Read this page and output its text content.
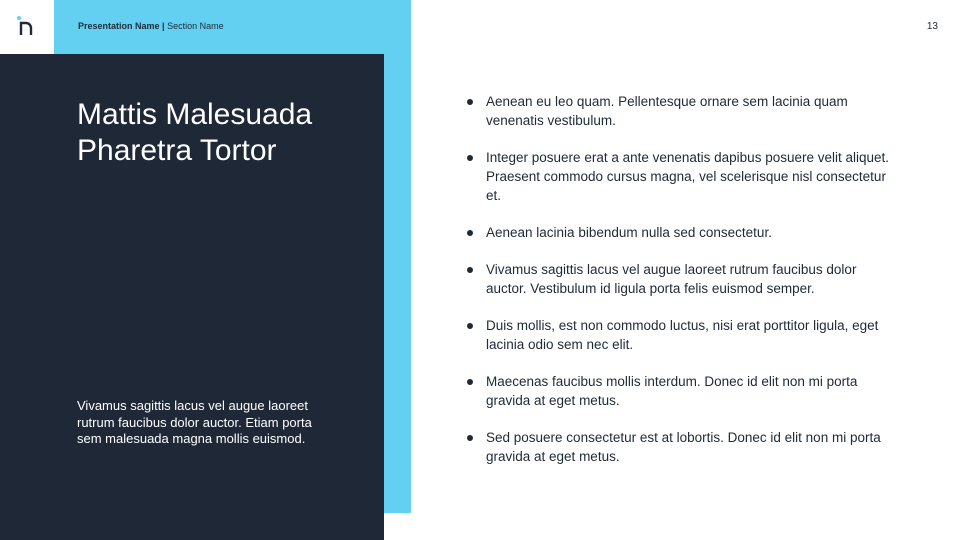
Presentation Name | Section Name	13
Mattis Malesuada
Pharetra Tortor

Vivamus sagittis lacus vel augue laoreet rutrum faucibus dolor auctor. Etiam porta sem malesuada magna mollis euismod.

Aenean eu leo quam. Pellentesque ornare sem lacinia quam venenatis vestibulum.
Integer posuere erat a ante venenatis dapibus posuere velit aliquet. Praesent commodo cursus magna, vel scelerisque nisl consectetur et.
Aenean lacinia bibendum nulla sed consectetur.
Vivamus sagittis lacus vel augue laoreet rutrum faucibus dolor auctor. Vestibulum id ligula porta felis euismod semper.
Duis mollis, est non commodo luctus, nisi erat porttitor ligula, eget lacinia odio sem nec elit.
Maecenas faucibus mollis interdum. Donec id elit non mi porta gravida at eget metus.
Sed posuere consectetur est at lobortis. Donec id elit non mi porta gravida at eget metus.
